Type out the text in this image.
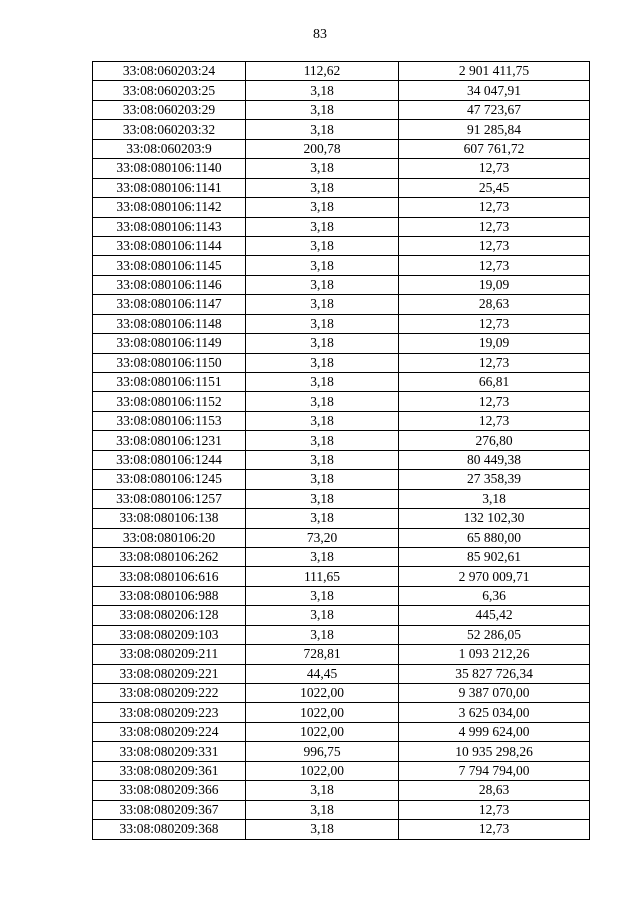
83
33:08:060203:24	112,62	2 901 411,75
33:08:060203:25	3,18	34 047,91
33:08:060203:29	3,18	47 723,67
33:08:060203:32	3,18	91 285,84
33:08:060203:9	200,78	607 761,72
33:08:080106:1140	3,18	12,73
33:08:080106:1141	3,18	25,45
33:08:080106:1142	3,18	12,73
33:08:080106:1143	3,18	12,73
33:08:080106:1144	3,18	12,73
33:08:080106:1145	3,18	12,73
33:08:080106:1146	3,18	19,09
33:08:080106:1147	3,18	28,63
33:08:080106:1148	3,18	12,73
33:08:080106:1149	3,18	19,09
33:08:080106:1150	3,18	12,73
33:08:080106:1151	3,18	66,81
33:08:080106:1152	3,18	12,73
33:08:080106:1153	3,18	12,73
33:08:080106:1231	3,18	276,80
33:08:080106:1244	3,18	80 449,38
33:08:080106:1245	3,18	27 358,39
33:08:080106:1257	3,18	3,18
33:08:080106:138	3,18	132 102,30
33:08:080106:20	73,20	65 880,00
33:08:080106:262	3,18	85 902,61
33:08:080106:616	111,65	2 970 009,71
33:08:080106:988	3,18	6,36
33:08:080206:128	3,18	445,42
33:08:080209:103	3,18	52 286,05
33:08:080209:211	728,81	1 093 212,26
33:08:080209:221	44,45	35 827 726,34
33:08:080209:222	1022,00	9 387 070,00
33:08:080209:223	1022,00	3 625 034,00
33:08:080209:224	1022,00	4 999 624,00
33:08:080209:331	996,75	10 935 298,26
33:08:080209:361	1022,00	7 794 794,00
33:08:080209:366	3,18	28,63
33:08:080209:367	3,18	12,73
33:08:080209:368	3,18	12,73
